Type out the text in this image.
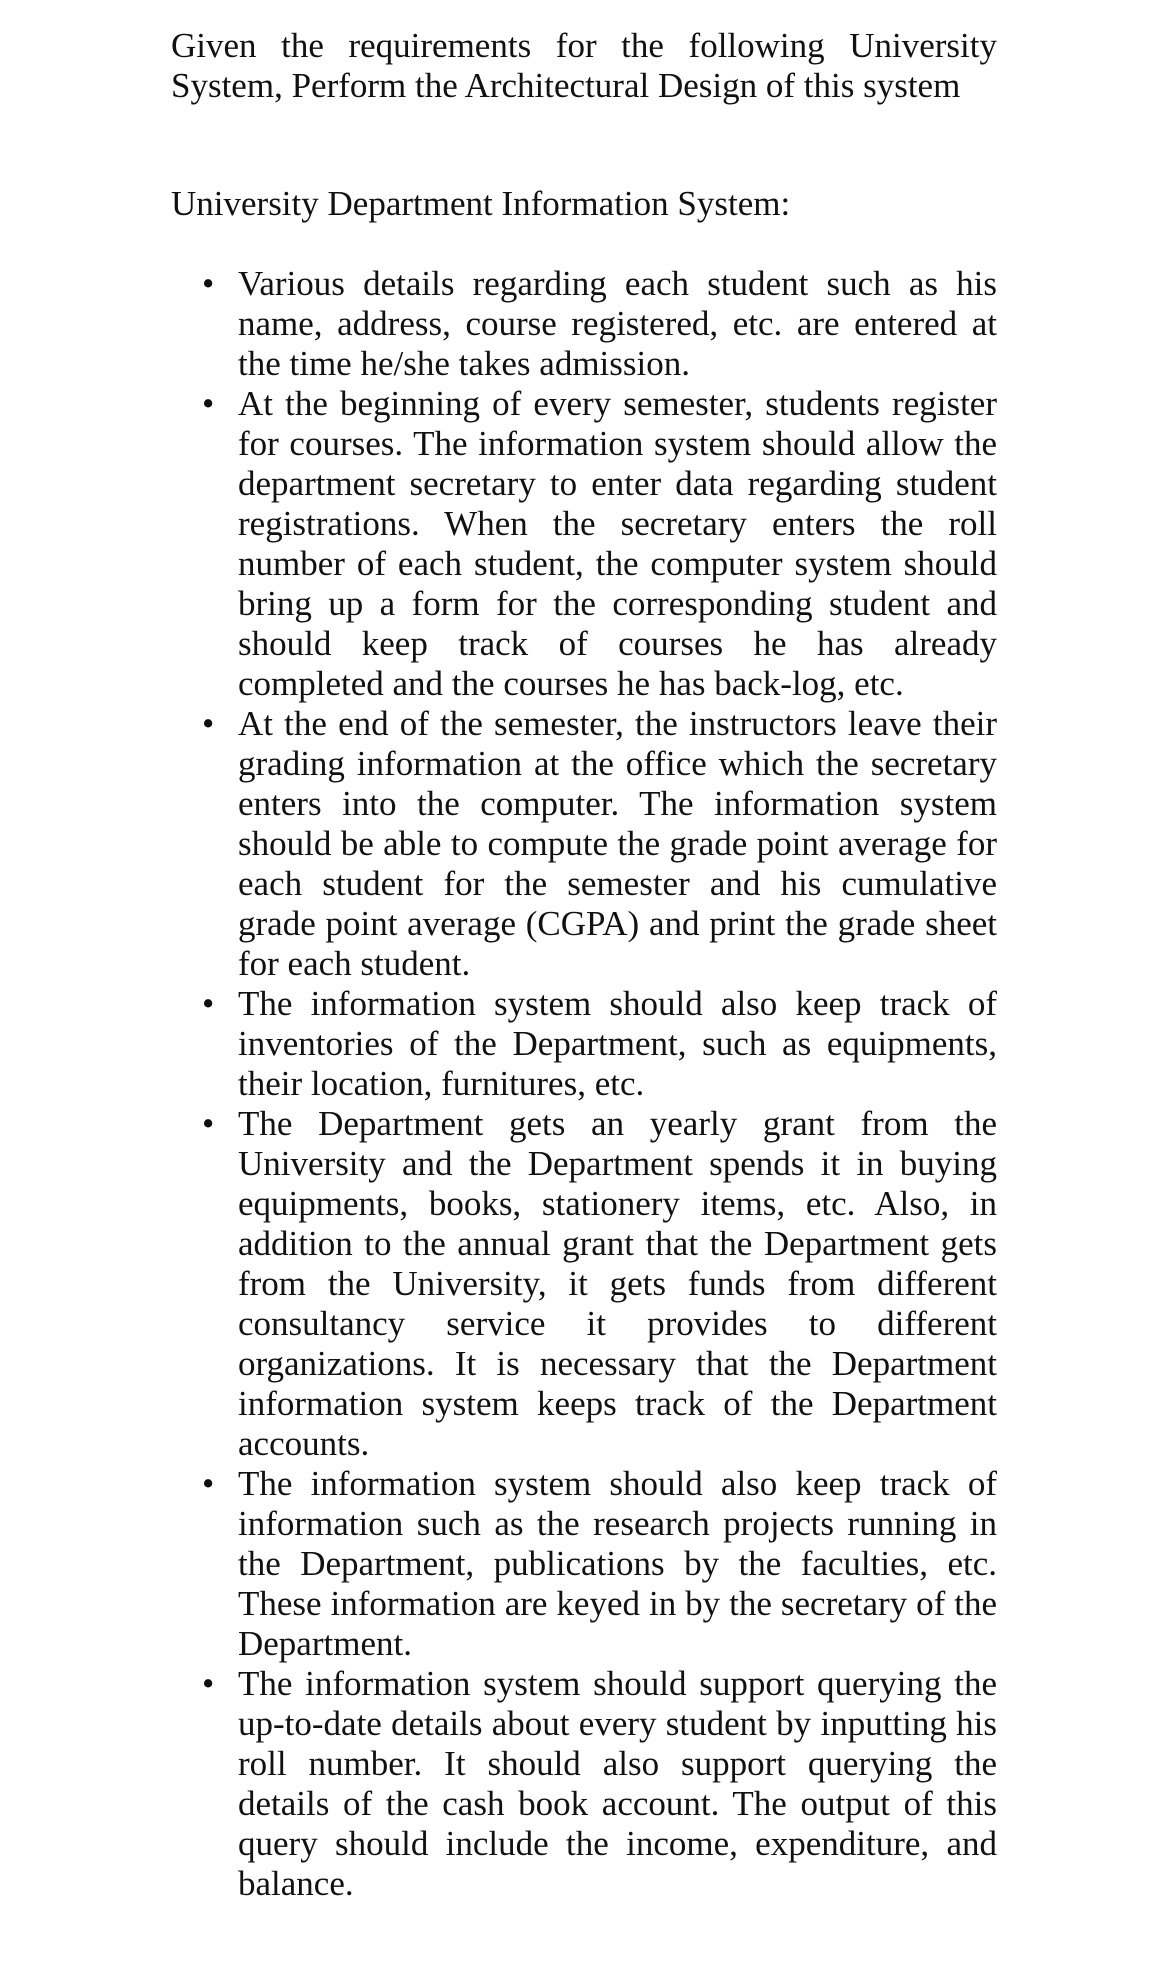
Given the requirements for the following University System, Perform the Architectural Design of this system

University Department Information System:
• Various details regarding each student such as his name, address, course registered, etc. are entered at the time he/she takes admission.
• At the beginning of every semester, students register for courses. The information system should allow the department secretary to enter data regarding student registrations. When the secretary enters the roll number of each student, the computer system should bring up a form for the corresponding student and should keep track of courses he has already completed and the courses he has back-log, etc.
• At the end of the semester, the instructors leave their grading information at the office which the secretary enters into the computer. The information system should be able to compute the grade point average for each student for the semester and his cumulative grade point average (CGPA) and print the grade sheet for each student.
• The information system should also keep track of inventories of the Department, such as equipments, their location, furnitures, etc.
• The Department gets an yearly grant from the University and the Department spends it in buying equipments, books, stationery items, etc. Also, in addition to the annual grant that the Department gets from the University, it gets funds from different consultancy service it provides to different organizations. It is necessary that the Department information system keeps track of the Department accounts.
• The information system should also keep track of information such as the research projects running in the Department, publications by the faculties, etc. These information are keyed in by the secretary of the Department.
• The information system should support querying the up-to-date details about every student by inputting his roll number. It should also support querying the details of the cash book account. The output of this query should include the income, expenditure, and balance.
